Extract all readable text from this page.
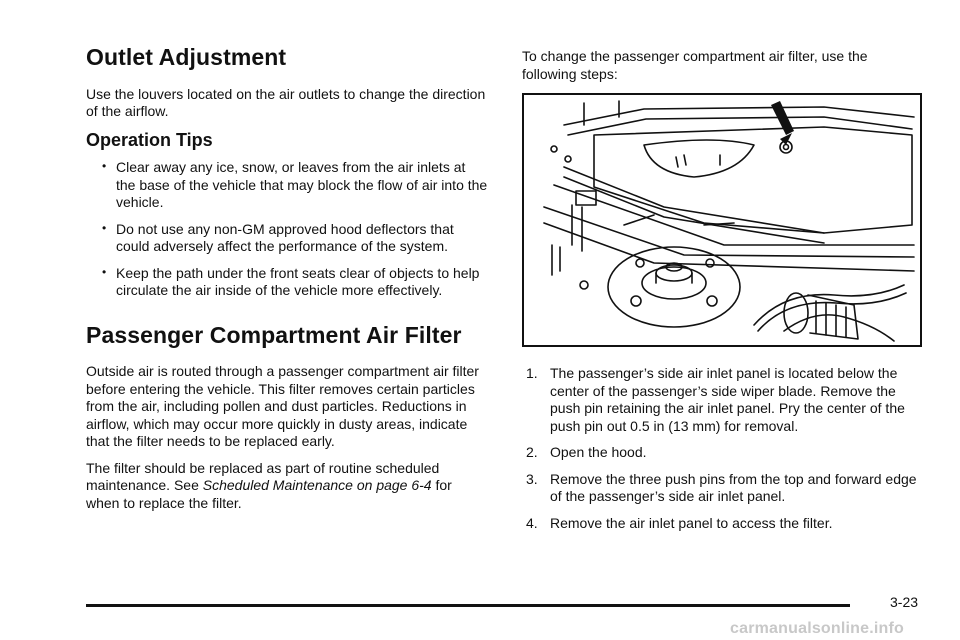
Outlet Adjustment

Use the louvers located on the air outlets to change the direction of the airflow.

Operation Tips
• Clear away any ice, snow, or leaves from the air inlets at the base of the vehicle that may block the flow of air into the vehicle.
• Do not use any non-GM approved hood deflectors that could adversely affect the performance of the system.
• Keep the path under the front seats clear of objects to help circulate the air inside of the vehicle more effectively.
Passenger Compartment Air Filter

Outside air is routed through a passenger compartment air filter before entering the vehicle. This filter removes certain particles from the air, including pollen and dust particles. Reductions in airflow, which may occur more quickly in dusty areas, indicate that the filter needs to be replaced early.

The filter should be replaced as part of routine scheduled maintenance. See Scheduled Maintenance on page 6-4 for when to replace the filter.

To change the passenger compartment air filter, use the following steps:

1. The passenger’s side air inlet panel is located below the center of the passenger’s side wiper blade. Remove the push pin retaining the air inlet panel. Pry the center of the push pin out 0.5 in (13 mm) for removal.
2. Open the hood.
3. Remove the three push pins from the top and forward edge of the passenger’s side air inlet panel.
4. Remove the air inlet panel to access the filter.
3-23
carmanualsonline.info
